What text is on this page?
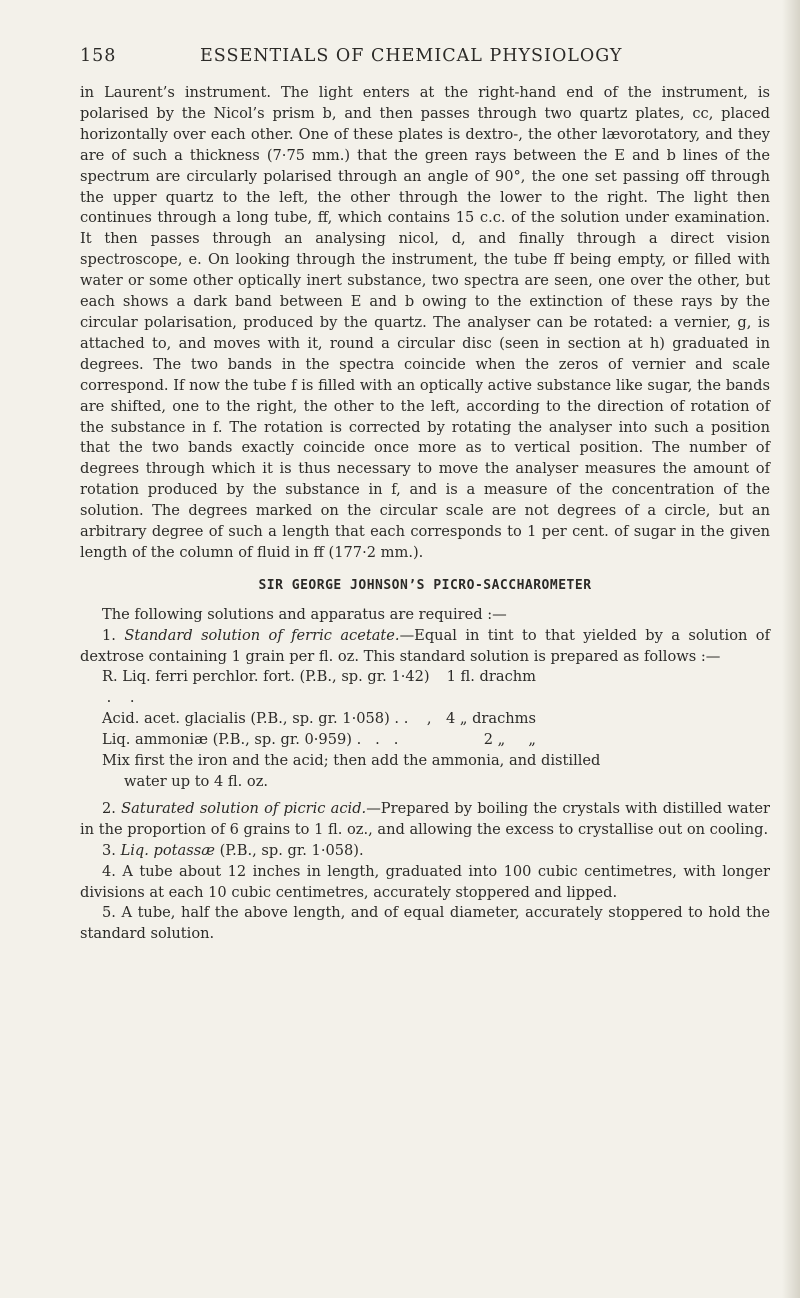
158	ESSENTIALS OF CHEMICAL PHYSIOLOGY

in Laurent’s instrument. The light enters at the right-hand end of the instrument, is polarised by the Nicol’s prism b, and then passes through two quartz plates, cc, placed horizontally over each other. One of these plates is dextro-, the other lævorotatory, and they are of such a thickness (7·75 mm.) that the green rays between the E and b lines of the spectrum are circularly polarised through an angle of 90°, the one set passing off through the upper quartz to the left, the other through the lower to the right. The light then continues through a long tube, ff, which contains 15 c.c. of the solution under examination. It then passes through an analysing nicol, d, and finally through a direct vision spectroscope, e. On looking through the instrument, the tube ff being empty, or filled with water or some other optically inert substance, two spectra are seen, one over the other, but each shows a dark band between E and b owing to the extinction of these rays by the circular polarisation, produced by the quartz. The analyser can be rotated: a vernier, g, is attached to, and moves with it, round a circular disc (seen in section at h) graduated in degrees. The two bands in the spectra coincide when the zeros of vernier and scale correspond. If now the tube f is filled with an optically active substance like sugar, the bands are shifted, one to the right, the other to the left, according to the direction of rotation of the substance in f. The rotation is corrected by rotating the analyser into such a position that the two bands exactly coincide once more as to vertical position. The number of degrees through which it is thus necessary to move the analyser measures the amount of rotation produced by the substance in f, and is a measure of the concentration of the solution. The degrees marked on the circular scale are not degrees of a circle, but an arbitrary degree of such a length that each corresponds to 1 per cent. of sugar in the given length of the column of fluid in ff (177·2 mm.).

SIR GEORGE JOHNSON’S PICRO-SACCHAROMETER

The following solutions and apparatus are required :—

1. Standard solution of ferric acetate.—Equal in tint to that yielded by a solution of dextrose containing 1 grain per fl. oz. This standard solution is prepared as follows :—

R. Liq. ferri perchlor. fort. (P.B., sp. gr. 1·42) .    .
1 fl. drachm
Acid. acet. glacialis (P.B., sp. gr. 1·058) . .    , 4 „ drachms
Liq. ammoniæ (P.B., sp. gr. 0·959) .   .   .	2 „     „
Mix first the iron and the acid; then add the ammonia, and distilled
water up to 4 fl. oz.

2. Saturated solution of picric acid.—Prepared by boiling the crystals with distilled water in the proportion of 6 grains to 1 fl. oz., and allowing the excess to crystallise out on cooling.

3. Liq. potassæ (P.B., sp. gr. 1·058).

4. A tube about 12 inches in length, graduated into 100 cubic centimetres, with longer divisions at each 10 cubic centimetres, accurately stoppered and lipped.

5. A tube, half the above length, and of equal diameter, accurately stoppered to hold the standard solution.
